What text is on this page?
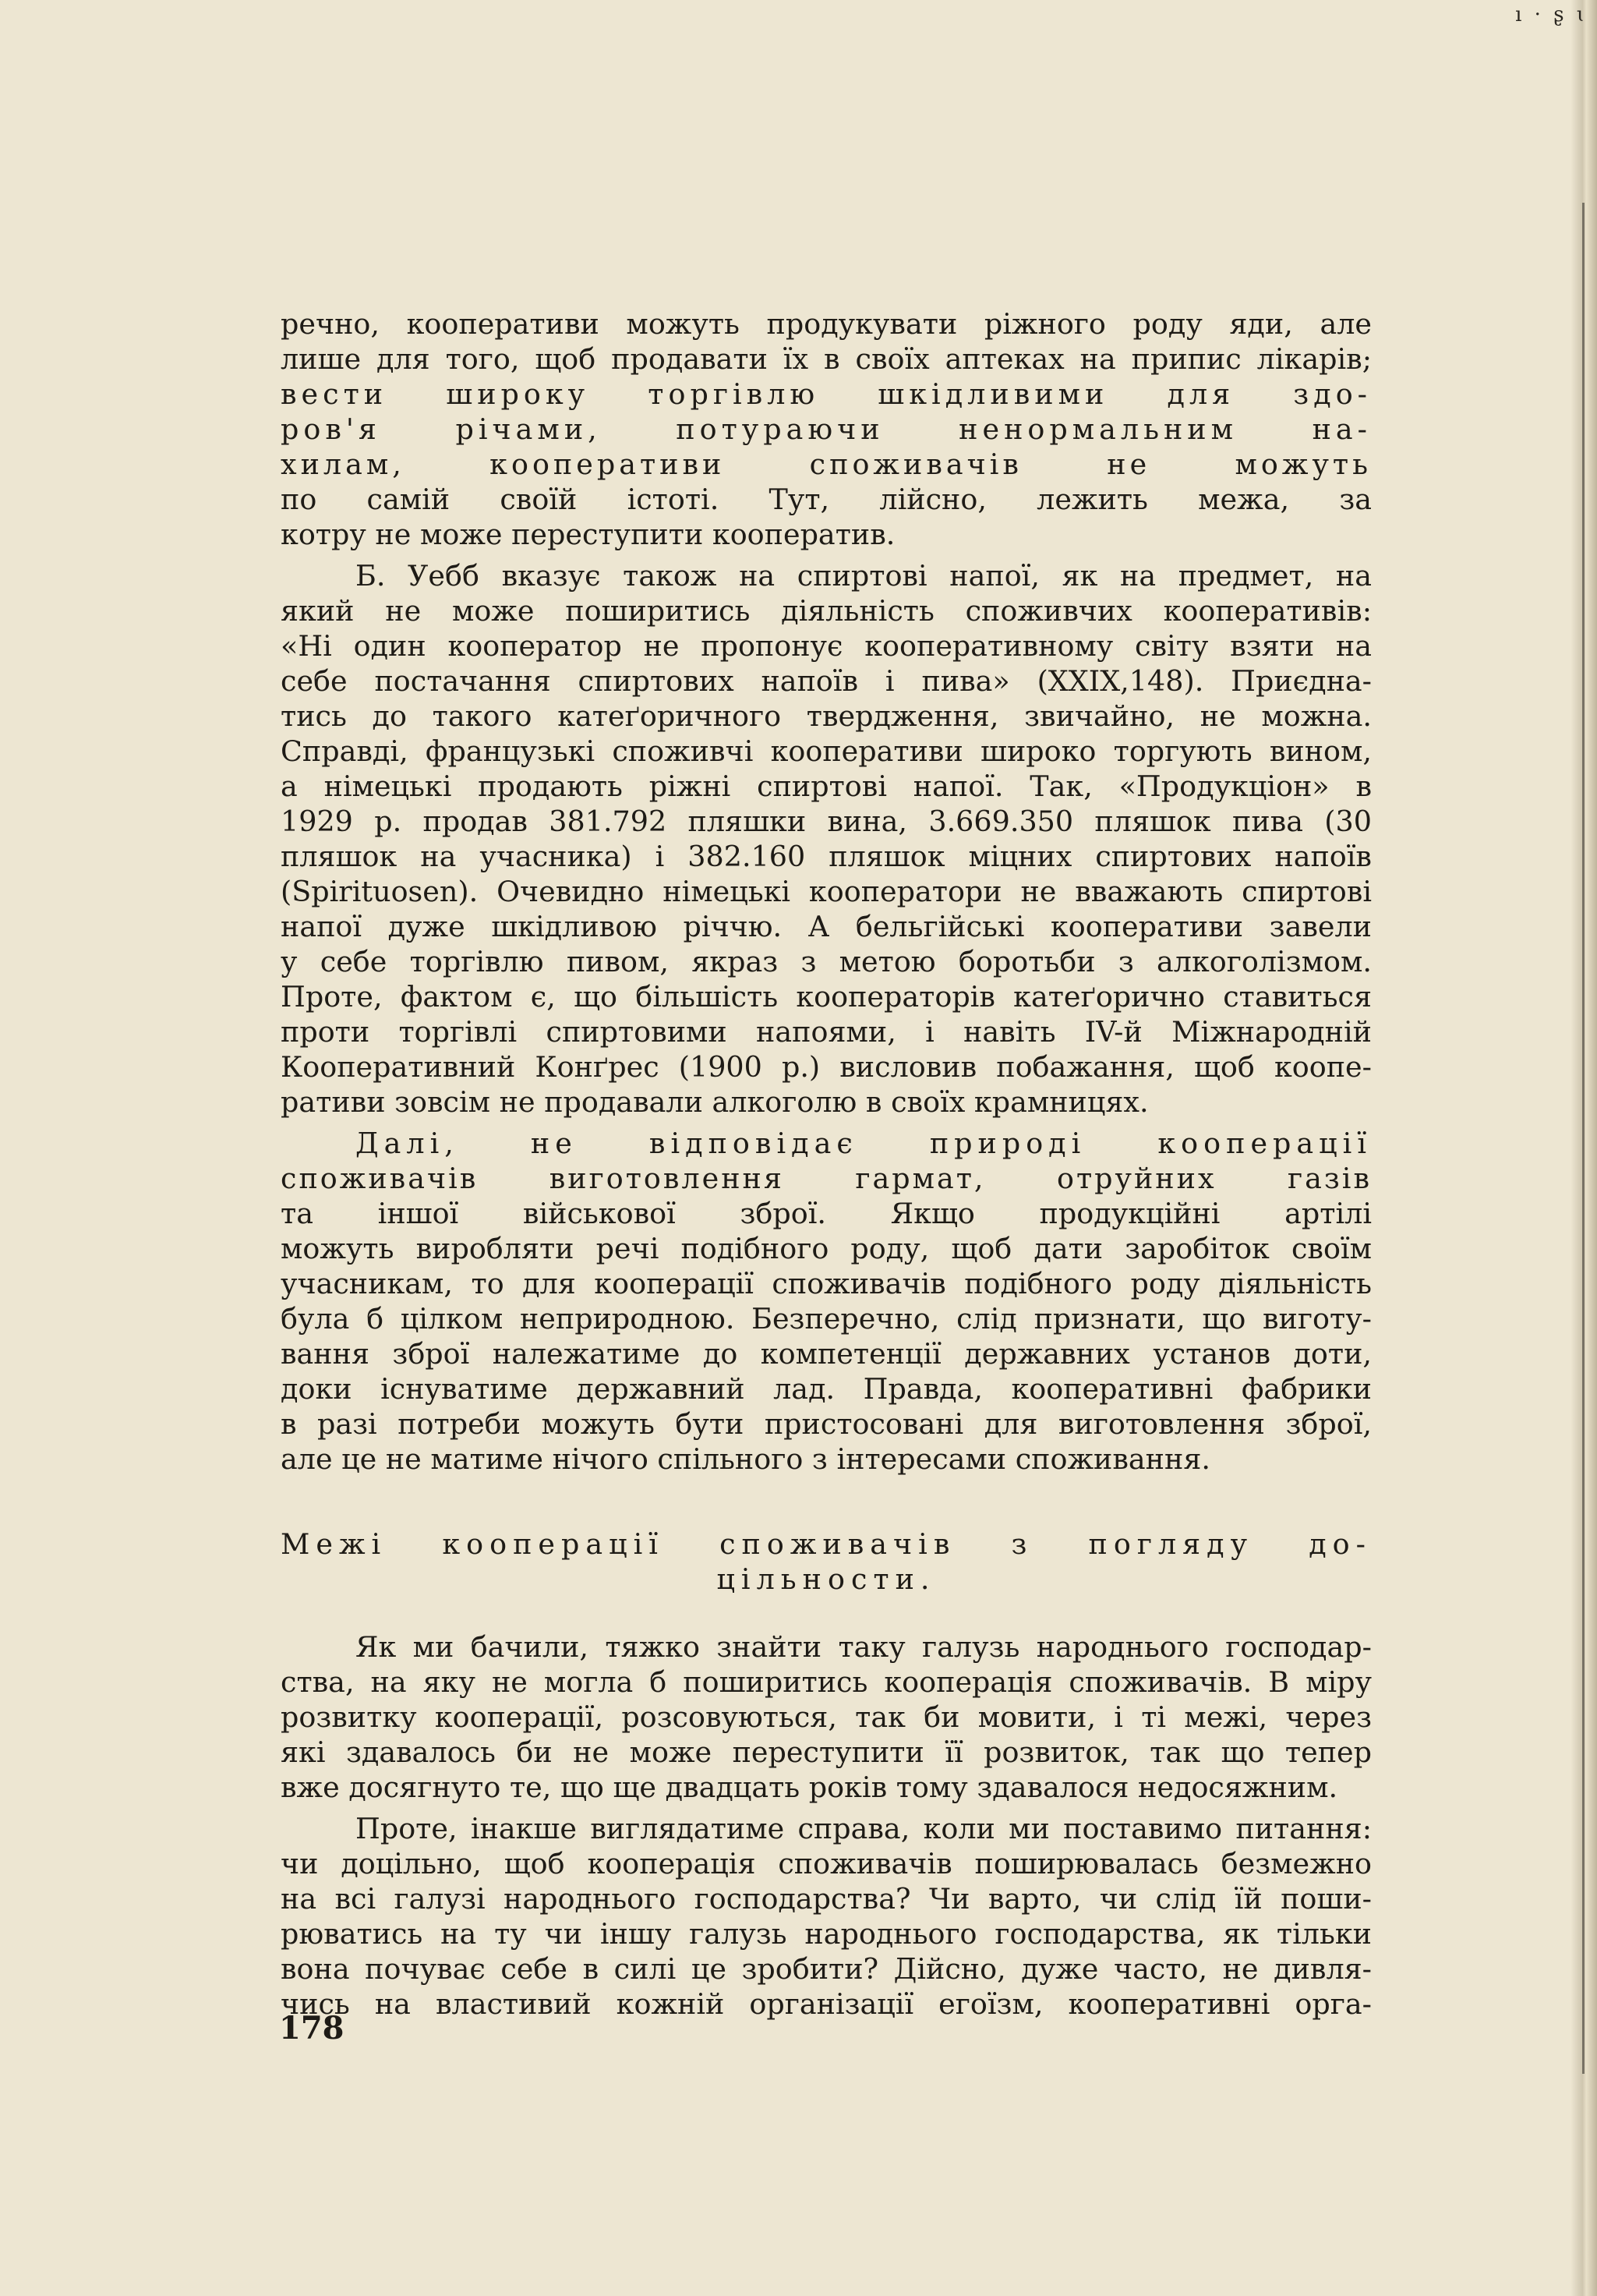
ı · ʂ ɩ
речно, кооперативи можуть продукувати ріжного роду яди, але
лише для того, щоб продавати їх в своїх аптеках на припис лікарів;
вести широку торгівлю шкідливими для здо-
ров'я річами, потураючи ненормальним на-
хилам, кооперативи споживачів не можуть
по самій своїй істоті. Тут, лійсно, лежить межа, за
котру не може переступити кооператив.
Б. Уебб вказує також на спиртові напої, як на предмет, на
який не може поширитись діяльність споживчих кооперативів:
«Ні один кооператор не пропонує кооперативному світу взяти на
себе постачання спиртових напоїв і пива» (XXIX,148). Приєдна-
тись до такого катеґоричного твердження, звичайно, не можна.
Справді, французькі споживчі кооперативи широко торгують вином,
а німецькі продають ріжні спиртові напої. Так, «Продукціон» в
1929 р. продав 381.792 пляшки вина, 3.669.350 пляшок пива (30
пляшок на учасника) і 382.160 пляшок міцних спиртових напоїв
(Spirituosen). Очевидно німецькі кооператори не вважають спиртові
напої дуже шкідливою річчю. А бельгійські кооперативи завели
у себе торгівлю пивом, якраз з метою боротьби з алкоголізмом.
Проте, фактом є, що більшість кооператорів катеґорично ставиться
проти торгівлі спиртовими напоями, і навіть IV-й Міжнародній
Кооперативний Конґрес (1900 р.) висловив побажання, щоб коопе-
ративи зовсім не продавали алкоголю в своїх крамницях.
Далі, не відповідає природі кооперації
споживачів виготовлення гармат, отруйних газів
та іншої військової зброї. Якщо продукційні артілі
можуть виробляти речі подібного роду, щоб дати заробіток своїм
учасникам, то для кооперації споживачів подібного роду діяльність
була б цілком неприродною. Безперечно, слід признати, що виготу-
вання зброї належатиме до компетенції державних установ доти,
доки існуватиме державний лад. Правда, кооперативні фабрики
в разі потреби можуть бути пристосовані для виготовлення зброї,
але це не матиме нічого спільного з інтересами споживання.
Межі кооперації споживачів з погляду до-
цільности.
Як ми бачили, тяжко знайти таку галузь народнього господар-
ства, на яку не могла б поширитись кооперація споживачів. В міру
розвитку кооперації, розсовуються, так би мовити, і ті межі, через
які здавалось би не може переступити її розвиток, так що тепер
вже досягнуто те, що ще двадцать років тому здавалося недосяжним.
Проте, інакше виглядатиме справа, коли ми поставимо питання:
чи доцільно, щоб кооперація споживачів поширювалась безмежно
на всі галузі народнього господарства? Чи варто, чи слід їй поши-
рюватись на ту чи іншу галузь народнього господарства, як тільки
вона почуває себе в силі це зробити? Дійсно, дуже часто, не дивля-
чись на властивий кожній організації егоїзм, кооперативні орга-
178
